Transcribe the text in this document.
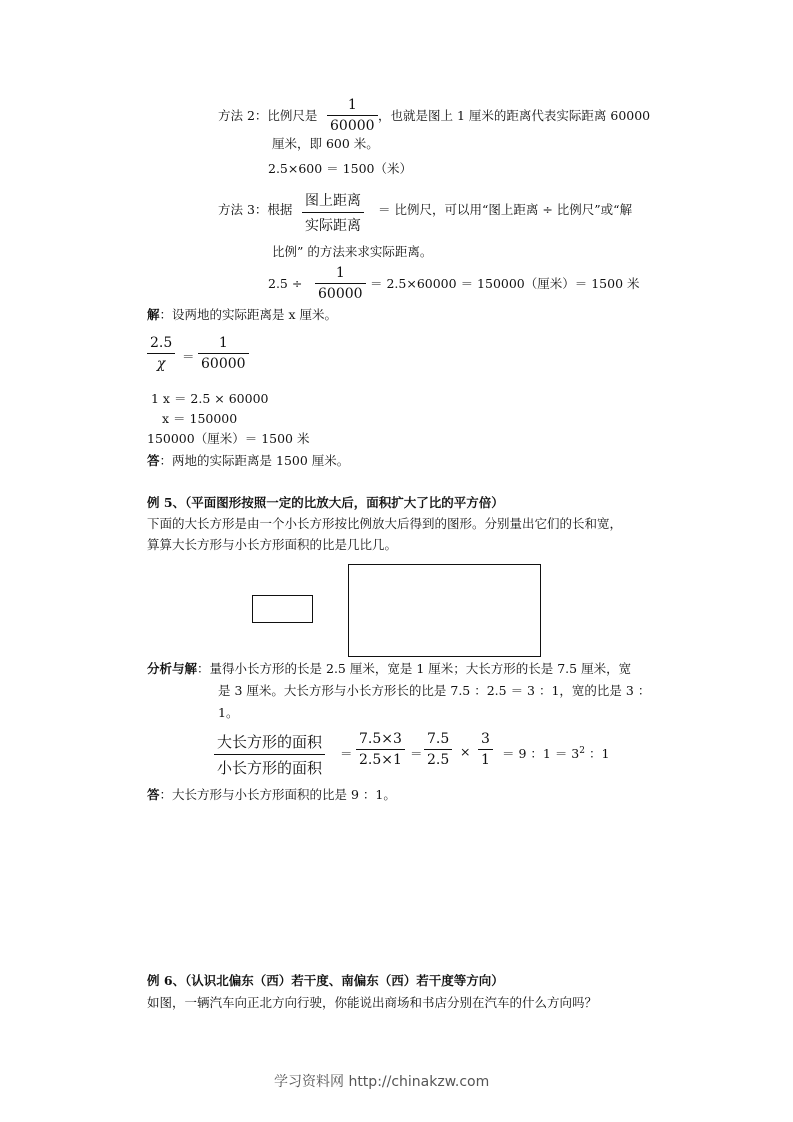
方法 2：比例尺是 $\frac{1}{60000}$ ，也就是图上 1 厘米的距离代表实际距离 60000
厘米，即 600 米。
2.5×600 ＝ 1500（米）
方法 3：根据
图上距离
实际距离
＝ 比例尺，可以用“图上距离 ÷ 比例尺”或“解
比例” 的方法来求实际距离。
$2.5 \div \frac{1}{60000} = 2.5\times 60000 = 150000$（厘米）＝ 1500 米
解：设两地的实际距离是 x 厘米。
$\frac{2.5}{\chi} = \frac{1}{60000}$
1 x ＝ 2.5 × 60000
x ＝ 150000
150000（厘米）＝ 1500 米
答：两地的实际距离是 1500 厘米。
例 5、（平面图形按照一定的比放大后，面积扩大了比的平方倍）
下面的大长方形是由一个小长方形按比例放大后得到的图形。分别量出它们的长和宽，
算算大长方形与小长方形面积的比是几比几。
分析与解：量得小长方形的长是 2.5 厘米，宽是 1 厘米；大长方形的长是 7.5 厘米，宽
是 3 厘米。大长方形与小长方形长的比是 7.5 ：2.5 ＝ 3 ：1，宽的比是 3 ：
1。
大长方形的面积
小长方形的面积
＝ $\frac{7.5\times 3}{2.5\times 1} = \frac{7.5}{2.5} \times \frac{3}{1} = 9$ ：$1 = 3^2$ ：1
答：大长方形与小长方形面积的比是 9 ：1。
例 6、（认识北偏东（西）若干度、南偏东（西）若干度等方向）
如图，一辆汽车向正北方向行驶，你能说出商场和书店分别在汽车的什么方向吗？
学习资料网 http://chinakzw.com
